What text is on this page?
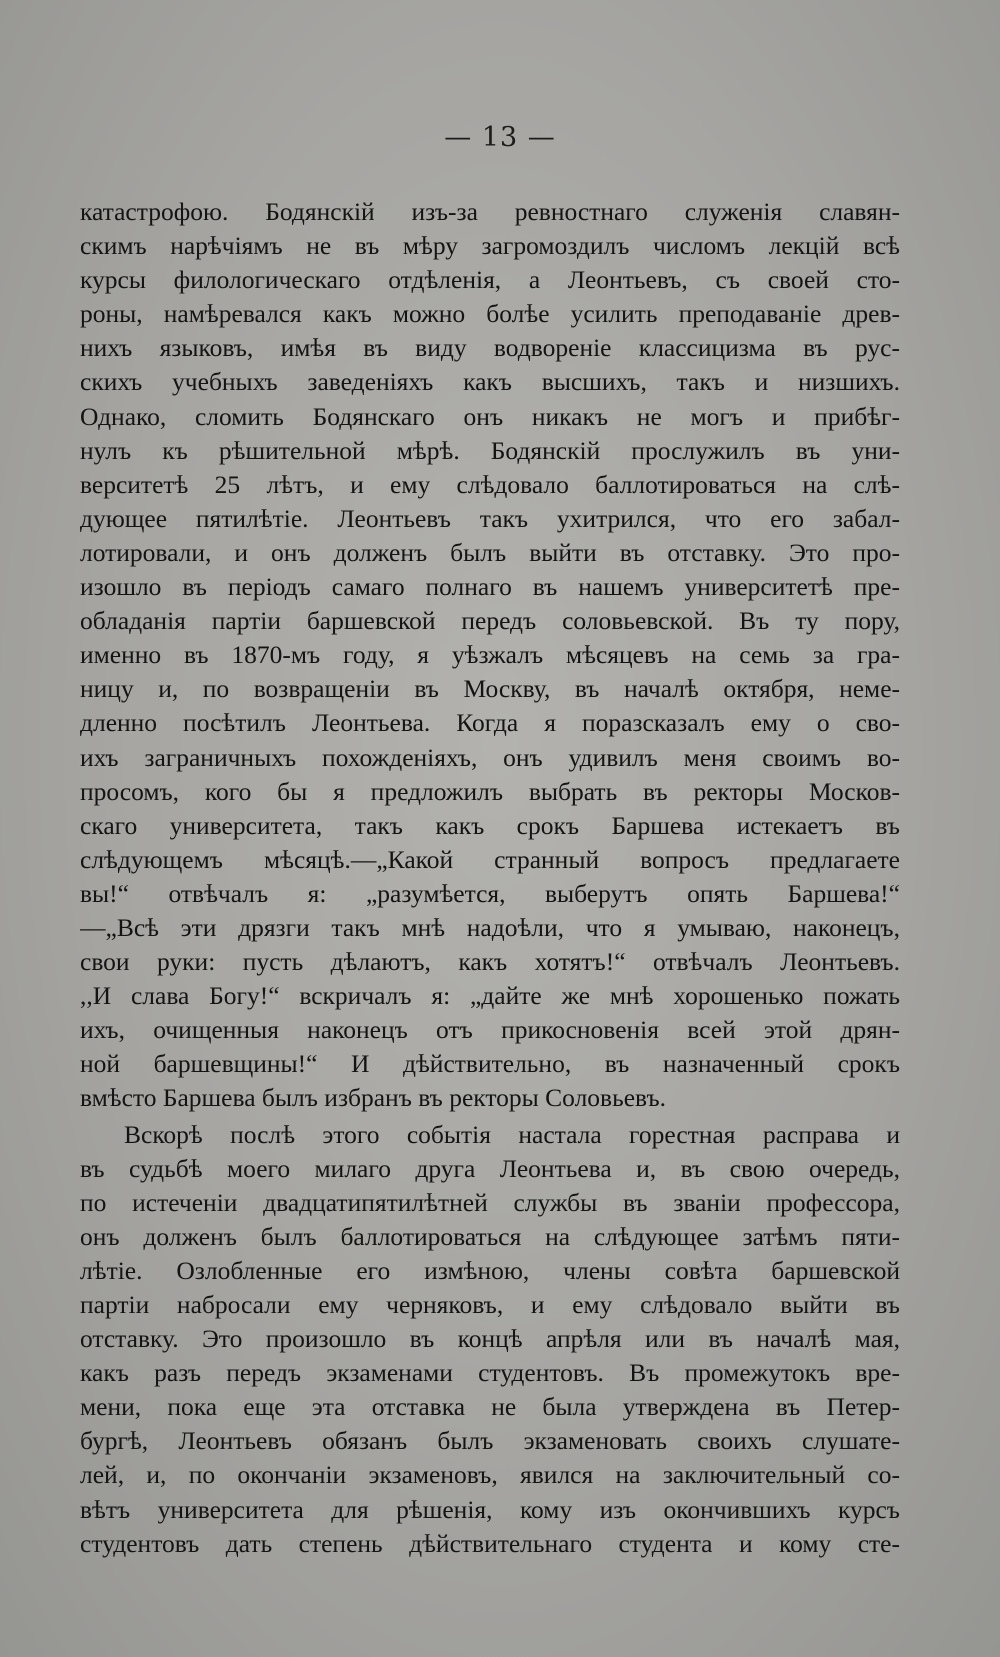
— 13 —
катастрофою. Бодянскій изъ-за ревностнаго служенія славян-
скимъ нарѣчіямъ не въ мѣру загромоздилъ числомъ лекцій всѣ
курсы филологическаго отдѣленія, а Леонтьевъ, съ своей сто-
роны, намѣревался какъ можно болѣе усилить преподаваніе древ-
нихъ языковъ, имѣя въ виду водвореніе классицизма въ рус-
скихъ учебныхъ заведеніяхъ какъ высшихъ, такъ и низшихъ.
Однако, сломить Бодянскаго онъ никакъ не могъ и прибѣг-
нулъ къ рѣшительной мѣрѣ. Бодянскій прослужилъ въ уни-
верситетѣ 25 лѣтъ, и ему слѣдовало баллотироваться на слѣ-
дующее пятилѣтіе. Леонтьевъ такъ ухитрился, что его забал-
лотировали, и онъ долженъ былъ выйти въ отставку. Это про-
изошло въ періодъ самаго полнаго въ нашемъ университетѣ пре-
обладанія партіи баршевской передъ соловьевской. Въ ту пору,
именно въ 1870-мъ году, я уѣзжалъ мѣсяцевъ на семь за гра-
ницу и, по возвращеніи въ Москву, въ началѣ октября, неме-
дленно посѣтилъ Леонтьева. Когда я поразсказалъ ему о сво-
ихъ заграничныхъ похожденіяхъ, онъ удивилъ меня своимъ во-
просомъ, кого бы я предложилъ выбрать въ ректоры Москов-
скаго университета, такъ какъ срокъ Баршева истекаетъ въ
слѣдующемъ мѣсяцѣ.—„Какой странный вопросъ предлагаете
вы!“ отвѣчалъ я: „разумѣется, выберутъ опять Баршева!“
—„Всѣ эти дрязги такъ мнѣ надоѣли, что я умываю, наконецъ,
свои руки: пусть дѣлаютъ, какъ хотятъ!“ отвѣчалъ Леонтьевъ.
,,И слава Богу!“ вскричалъ я: „дайте же мнѣ хорошенько пожать
ихъ, очищенныя наконецъ отъ прикосновенія всей этой дрян-
ной баршевщины!“ И дѣйствительно, въ назначенный срокъ
вмѣсто Баршева былъ избранъ въ ректоры Соловьевъ.
Вскорѣ послѣ этого событія настала горестная расправа и
въ судьбѣ моего милаго друга Леонтьева и, въ свою очередь,
по истеченіи двадцатипятилѣтней службы въ званіи профессора,
онъ долженъ былъ баллотироваться на слѣдующее затѣмъ пяти-
лѣтіе. Озлобленные его измѣною, члены совѣта баршевской
партіи набросали ему черняковъ, и ему слѣдовало выйти въ
отставку. Это произошло въ концѣ апрѣля или въ началѣ мая,
какъ разъ передъ экзаменами студентовъ. Въ промежутокъ вре-
мени, пока еще эта отставка не была утверждена въ Петер-
бургѣ, Леонтьевъ обязанъ былъ экзаменовать своихъ слушате-
лей, и, по окончаніи экзаменовъ, явился на заключительный со-
вѣтъ университета для рѣшенія, кому изъ окончившихъ курсъ
студентовъ дать степень дѣйствительнаго студента и кому сте-
